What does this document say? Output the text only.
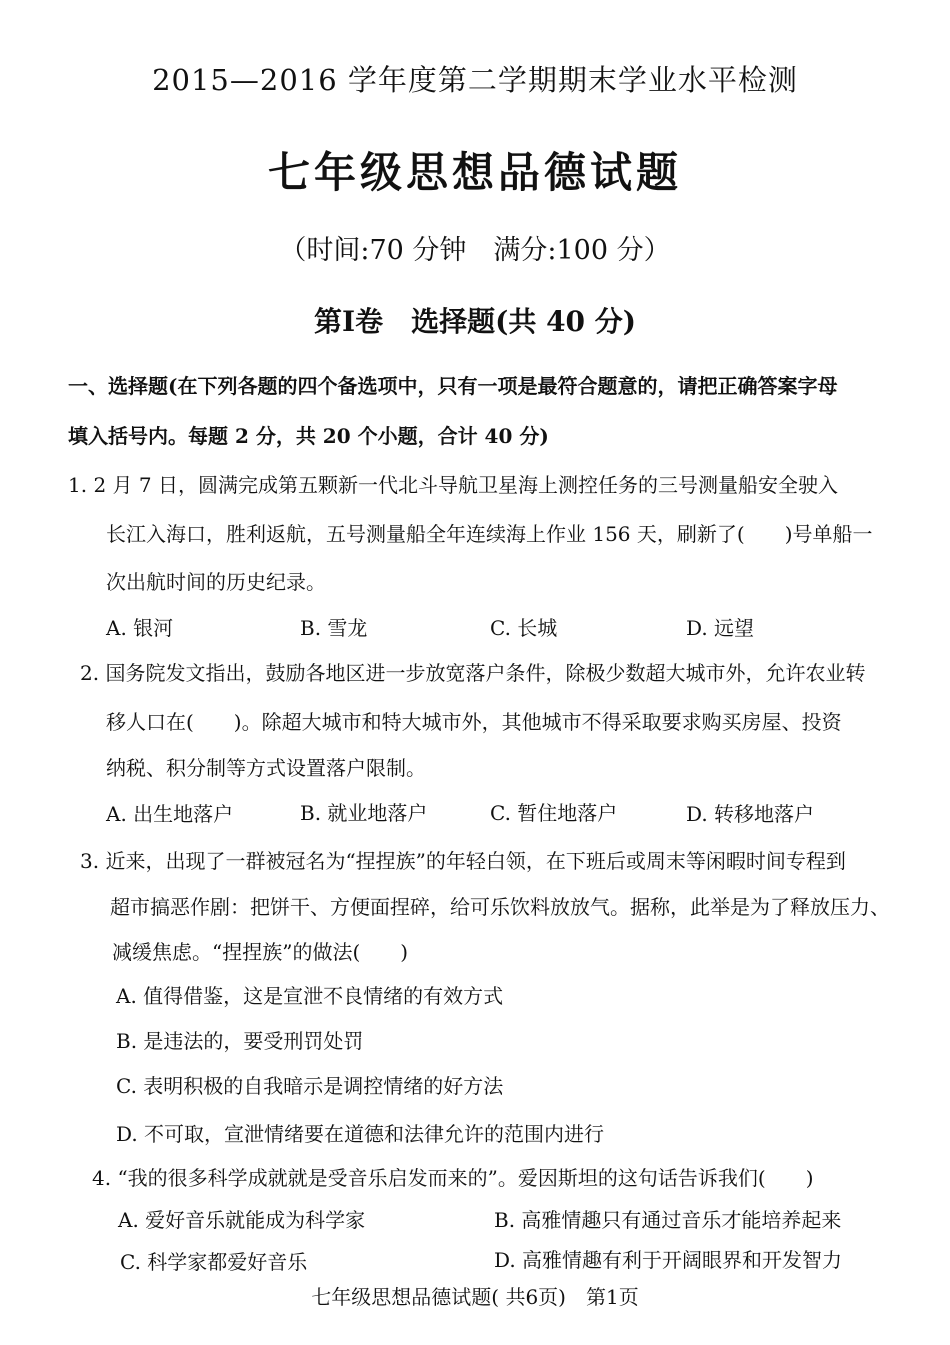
2015—2016 学年度第二学期期末学业水平检测
七年级思想品德试题
（时间:70 分钟　满分:100 分）
第Ⅰ卷　选择题(共 40 分)
一、选择题(在下列各题的四个备选项中，只有一项是最符合题意的，请把正确答案字母
填入括号内。每题 2 分，共 20 个小题，合计 40 分)
1. 2 月 7 日，圆满完成第五颗新一代北斗导航卫星海上测控任务的三号测量船安全驶入
长江入海口，胜利返航，五号测量船全年连续海上作业 156 天，刷新了(　　)号单船一
次出航时间的历史纪录。
A. 银河	B. 雪龙	C. 长城	D. 远望
2. 国务院发文指出，鼓励各地区进一步放宽落户条件，除极少数超大城市外，允许农业转
移人口在(　　)。除超大城市和特大城市外，其他城市不得采取要求购买房屋、投资
纳税、积分制等方式设置落户限制。
A. 出生地落户	B. 就业地落户	C. 暂住地落户	D. 转移地落户
3. 近来，出现了一群被冠名为“捏捏族”的年轻白领，在下班后或周末等闲暇时间专程到
超市搞恶作剧：把饼干、方便面捏碎，给可乐饮料放放气。据称，此举是为了释放压力、
减缓焦虑。“捏捏族”的做法(　　)
A. 值得借鉴，这是宣泄不良情绪的有效方式
B. 是违法的，要受刑罚处罚
C. 表明积极的自我暗示是调控情绪的好方法
D. 不可取，宣泄情绪要在道德和法律允许的范围内进行
4. “我的很多科学成就就是受音乐启发而来的”。爱因斯坦的这句话告诉我们(　　)
A. 爱好音乐就能成为科学家	B. 高雅情趣只有通过音乐才能培养起来
C. 科学家都爱好音乐	D. 高雅情趣有利于开阔眼界和开发智力
七年级思想品德试题( 共6页)　第1页
